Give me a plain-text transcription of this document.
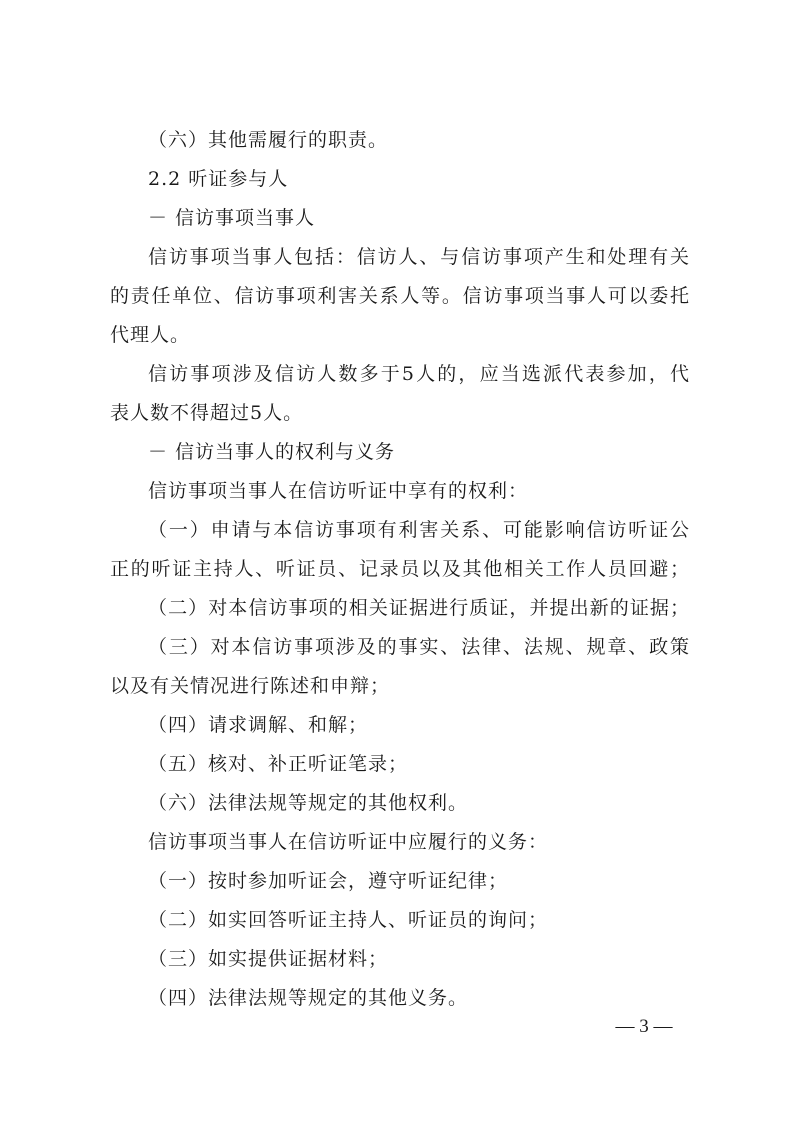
（六）其他需履行的职责。
2.2 听证参与人
－ 信访事项当事人
信访事项当事人包括：信访人、与信访事项产生和处理有关
的责任单位、信访事项利害关系人等。信访事项当事人可以委托
代理人。
信访事项涉及信访人数多于5人的，应当选派代表参加，代
表人数不得超过5人。
－ 信访当事人的权利与义务
信访事项当事人在信访听证中享有的权利：
（一）申请与本信访事项有利害关系、可能影响信访听证公
正的听证主持人、听证员、记录员以及其他相关工作人员回避；
（二）对本信访事项的相关证据进行质证，并提出新的证据；
（三）对本信访事项涉及的事实、法律、法规、规章、政策
以及有关情况进行陈述和申辩；
（四）请求调解、和解；
（五）核对、补正听证笔录；
（六）法律法规等规定的其他权利。
信访事项当事人在信访听证中应履行的义务：
（一）按时参加听证会，遵守听证纪律；
（二）如实回答听证主持人、听证员的询问；
（三）如实提供证据材料；
（四）法律法规等规定的其他义务。
— 3 —
